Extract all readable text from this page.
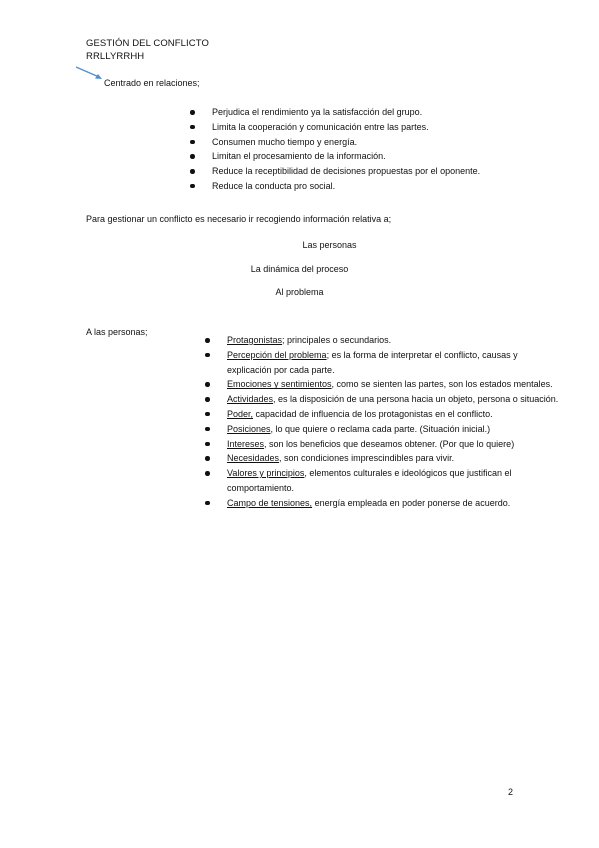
GESTIÓN DEL CONFLICTO
RRLLYRRHH
Centrado en relaciones;
Perjudica el rendimiento ya la satisfacción del grupo.
Limita la cooperación y comunicación entre las partes.
Consumen mucho tiempo y energía.
Limitan el procesamiento de la información.
Reduce la receptibilidad de decisiones propuestas por el oponente.
Reduce la conducta pro social.
Para gestionar un conflicto es necesario ir recogiendo información relativa a;
Las personas
La dinámica del proceso
Al problema
A las personas;
Protagonistas; principales o secundarios.
Percepción del problema; es la forma de interpretar el conflicto, causas y explicación por cada parte.
Emociones y sentimientos, como se sienten las partes, son los estados mentales.
Actividades, es la disposición de una persona hacia un objeto, persona o situación.
Poder, capacidad de influencia de los protagonistas en el conflicto.
Posiciones, lo que quiere o reclama cada parte. (Situación inicial.)
Intereses, son los beneficios que deseamos obtener. (Por que lo quiere)
Necesidades, son condiciones imprescindibles para vivir.
Valores y principios, elementos culturales e ideológicos que justifican el comportamiento.
Campo de tensiones, energía empleada en poder ponerse de acuerdo.
2
